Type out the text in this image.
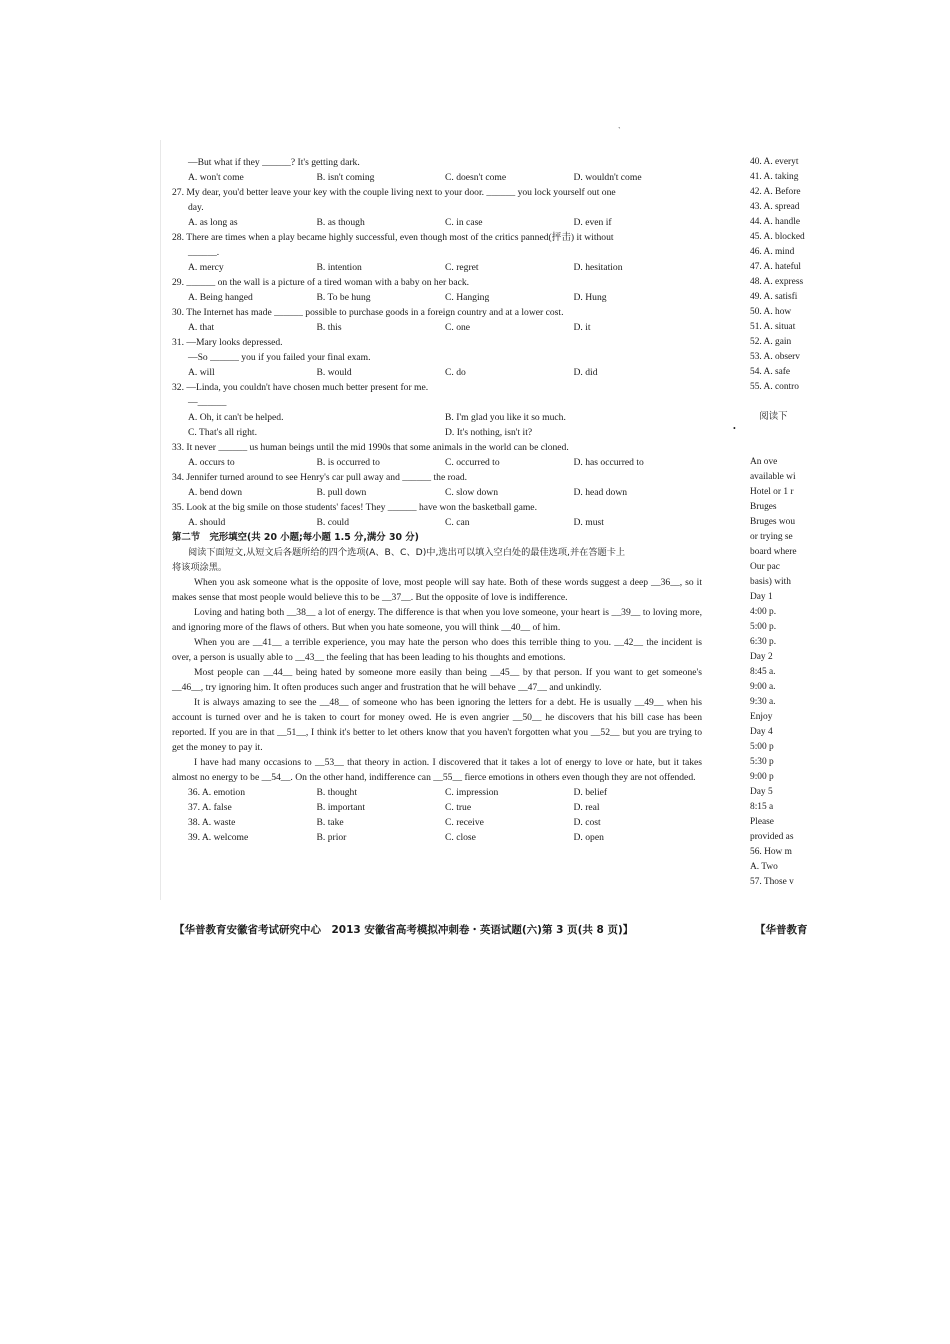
`
•
—But what if they ______? It's getting dark.
A. won't come	B. isn't coming	C. doesn't come	D. wouldn't come
27. My dear, you'd better leave your key with the couple living next to your door. ______ you lock yourself out one
day.
A. as long as	B. as though	C. in case	D. even if
28. There are times when a play became highly successful, even though most of the critics panned(抨击) it without
______.
A. mercy	B. intention	C. regret	D. hesitation
29. ______ on the wall is a picture of a tired woman with a baby on her back.
A. Being hanged	B. To be hung	C. Hanging	D. Hung
30. The Internet has made ______ possible to purchase goods in a foreign country and at a lower cost.
A. that	B. this	C. one	D. it
31. —Mary looks depressed.
—So ______ you if you failed your final exam.
A. will	B. would	C. do	D. did
32. —Linda, you couldn't have chosen much better present for me.
—______
A. Oh, it can't be helped.	B. I'm glad you like it so much.
C. That's all right.	D. It's nothing, isn't it?
33. It never ______ us human beings until the mid 1990s that some animals in the world can be cloned.
A. occurs to	B. is occurred to	C. occurred to	D. has occurred to
34. Jennifer turned around to see Henry's car pull away and ______ the road.
A. bend down	B. pull down	C. slow down	D. head down
35. Look at the big smile on those students' faces! They ______ have won the basketball game.
A. should	B. could	C. can	D. must
第二节　完形填空(共 20 小题;每小题 1.5 分,满分 30 分)
阅读下面短文,从短文后各题所给的四个选项(A、B、C、D)中,选出可以填入空白处的最佳选项,并在答题卡上
将该项涂黑。
When you ask someone what is the opposite of love, most people will say hate. Both of these words suggest a deep __36__, so it makes sense that most people would believe this to be __37__. But the opposite of love is indifference.
Loving and hating both __38__ a lot of energy. The difference is that when you love someone, your heart is __39__ to loving more, and ignoring more of the flaws of others. But when you hate someone, you will think __40__ of him.
When you are __41__ a terrible experience, you may hate the person who does this terrible thing to you. __42__ the incident is over, a person is usually able to __43__ the feeling that has been leading to his thoughts and emotions.
Most people can __44__ being hated by someone more easily than being __45__ by that person. If you want to get someone's __46__, try ignoring him. It often produces such anger and frustration that he will behave __47__ and unkindly.
It is always amazing to see the __48__ of someone who has been ignoring the letters for a debt. He is usually __49__ when his account is turned over and he is taken to court for money owed. He is even angrier __50__ he discovers that his bill case has been reported. If you are in that __51__, I think it's better to let others know that you haven't forgotten what you __52__ but you are trying to get the money to pay it.
I have had many occasions to __53__ that theory in action. I discovered that it takes a lot of energy to love or hate, but it takes almost no energy to be __54__. On the other hand, indifference can __55__ fierce emotions in others even though they are not offended.
36. A. emotion	B. thought	C. impression	D. belief
37. A. false	B. important	C. true	D. real
38. A. waste	B. take	C. receive	D. cost
39. A. welcome	B. prior	C. close	D. open
【华普教育安徽省考试研究中心　2013 安徽省高考模拟冲刺卷・英语试题(六)第 3 页(共 8 页)】	【华普教育
40. A. everyt
41. A. taking
42. A. Before
43. A. spread
44. A. handle
45. A. blocked
46. A. mind
47. A. hateful
48. A. express
49. A. satisfi
50. A. how
51. A. situat
52. A. gain
53. A. observ
54. A. safe
55. A. contro

　阅读下

An ove
available wi
Hotel or 1 r
Bruges
Bruges wou
or trying se
board where
Our pac
basis) with
Day 1
4:00 p.
5:00 p.
6:30 p.
Day 2
8:45 a.
9:00 a.
9:30 a.
Enjoy
Day 4
5:00 p
5:30 p
9:00 p
Day 5
8:15 a
Please
provided as
56. How m
A. Two
57. Those v
